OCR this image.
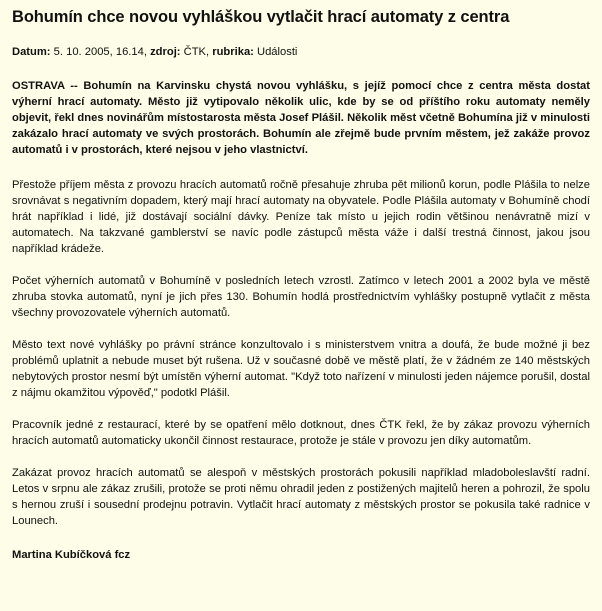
Bohumín chce novou vyhláškou vytlačit hrací automaty z centra
Datum: 5. 10. 2005, 16.14, zdroj: ČTK, rubrika: Události

OSTRAVA -- Bohumín na Karvinsku chystá novou vyhlášku, s jejíž pomocí chce z centra města dostat výherní hrací automaty. Město již vytipovalo několik ulic, kde by se od příštího roku automaty neměly objevit, řekl dnes novinářům místostarosta města Josef Plášil. Několik měst včetně Bohumína již v minulosti zakázalo hrací automaty ve svých prostorách. Bohumín ale zřejmě bude prvním městem, jež zakáže provoz automatů i v prostorách, které nejsou v jeho vlastnictví.

Přestože příjem města z provozu hracích automatů ročně přesahuje zhruba pět milionů korun, podle Plášila to nelze srovnávat s negativním dopadem, který mají hrací automaty na obyvatele. Podle Plášila automaty v Bohumíně chodí hrát například i lidé, již dostávají sociální dávky. Peníze tak místo u jejich rodin většinou nenávratně mizí v automatech. Na takzvané gamblerství se navíc podle zástupců města váže i další trestná činnost, jakou jsou například krádeže.

Počet výherních automatů v Bohumíně v posledních letech vzrostl. Zatímco v letech 2001 a 2002 byla ve městě zhruba stovka automatů, nyní je jich přes 130. Bohumín hodlá prostřednictvím vyhlášky postupně vytlačit z města všechny provozovatele výherních automatů.

Město text nové vyhlášky po právní stránce konzultovalo i s ministerstvem vnitra a doufá, že bude možné ji bez problémů uplatnit a nebude muset být rušena. Už v současné době ve městě platí, že v žádném ze 140 městských nebytových prostor nesmí být umístěn výherní automat. "Když toto nařízení v minulosti jeden nájemce porušil, dostal z nájmu okamžitou výpověď," podotkl Plášil.

Pracovník jedné z restaurací, které by se opatření mělo dotknout, dnes ČTK řekl, že by zákaz provozu výherních hracích automatů automaticky ukončil činnost restaurace, protože je stále v provozu jen díky automatům.

Zakázat provoz hracích automatů se alespoň v městských prostorách pokusili například mladoboleslavští radní. Letos v srpnu ale zákaz zrušili, protože se proti němu ohradil jeden z postižených majitelů heren a pohrozil, že spolu s hernou zruší i sousední prodejnu potravin. Vytlačit hrací automaty z městských prostor se pokusila také radnice v Lounech.

Martina Kubíčková fcz
